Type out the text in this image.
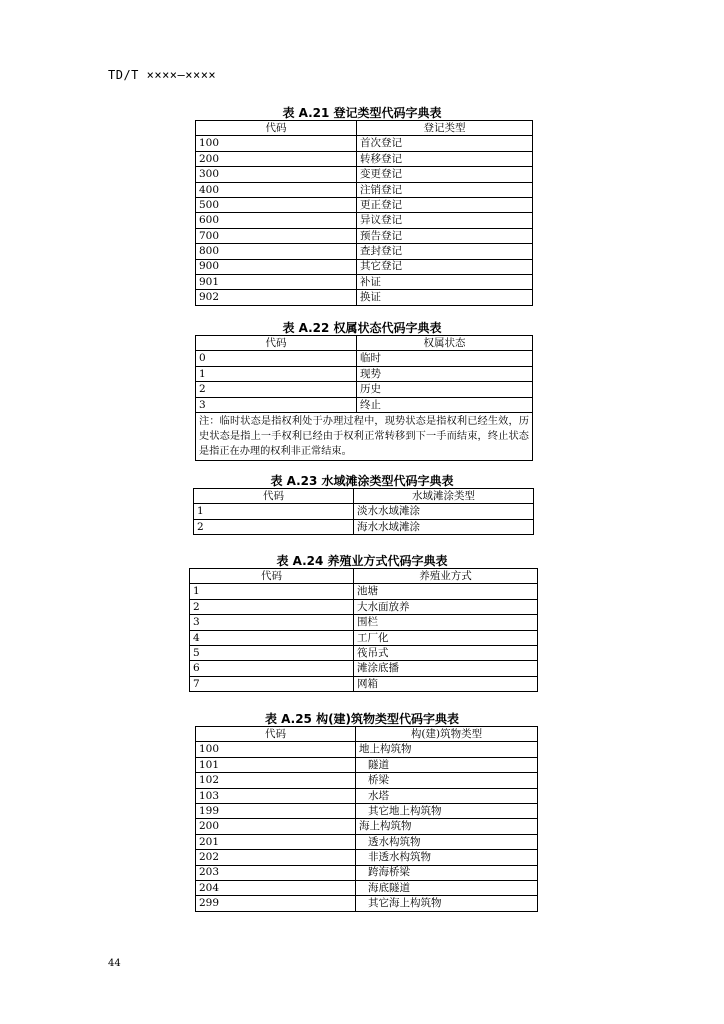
TD/T ××××—××××
表 A.21 登记类型代码字典表
代码	登记类型
100	首次登记
200	转移登记
300	变更登记
400	注销登记
500	更正登记
600	异议登记
700	预告登记
800	查封登记
900	其它登记
901	补证
902	换证
表 A.22 权属状态代码字典表
代码	权属状态
0	临时
1	现势
2	历史
3	终止
注：临时状态是指权利处于办理过程中，现势状态是指权利已经生效，历史状态是指上一手权利已经由于权利正常转移到下一手而结束，终止状态是指正在办理的权利非正常结束。	
表 A.23 水域滩涂类型代码字典表
代码	水域滩涂类型
1	淡水水域滩涂
2	海水水域滩涂
表 A.24 养殖业方式代码字典表
代码	养殖业方式
1	池塘
2	大水面放养
3	围栏
4	工厂化
5	筏吊式
6	滩涂底播
7	网箱
表 A.25 构(建)筑物类型代码字典表
代码	构(建)筑物类型
100	地上构筑物
101	隧道
102	桥梁
103	水塔
199	其它地上构筑物
200	海上构筑物
201	透水构筑物
202	非透水构筑物
203	跨海桥梁
204	海底隧道
299	其它海上构筑物
44
